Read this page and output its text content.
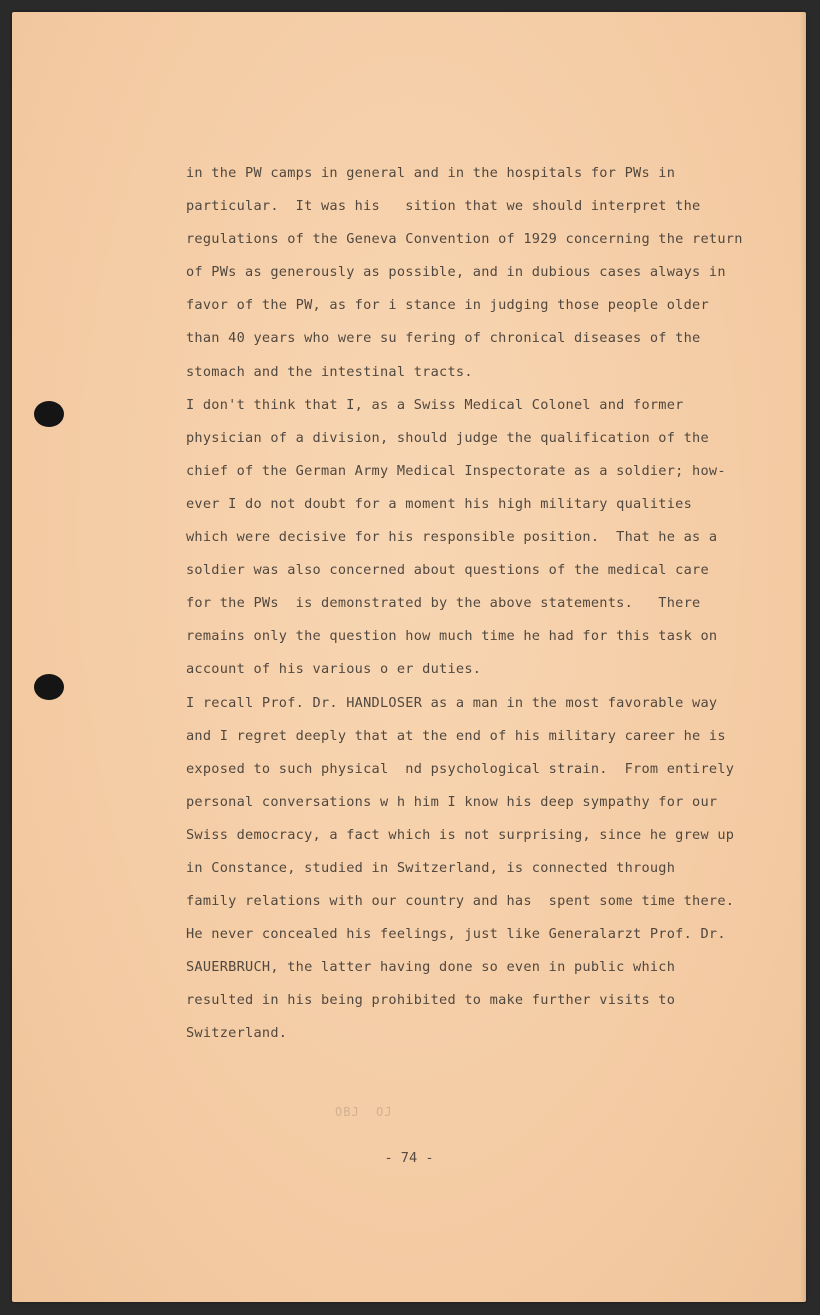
in the PW camps in general and in the hospitals for PWs in
particular.  It was his   sition that we should interpret the
regulations of the Geneva Convention of 1929 concerning the return
of PWs as generously as possible, and in dubious cases always in
favor of the PW, as for i stance in judging those people older
than 40 years who were su fering of chronical diseases of the
stomach and the intestinal tracts.
I don't think that I, as a Swiss Medical Colonel and former
physician of a division, should judge the qualification of the
chief of the German Army Medical Inspectorate as a soldier; how-
ever I do not doubt for a moment his high military qualities
which were decisive for his responsible position.  That he as a
soldier was also concerned about questions of the medical care
for the PWs  is demonstrated by the above statements.   There
remains only the question how much time he had for this task on
account of his various o er duties.
I recall Prof. Dr. HANDLOSER as a man in the most favorable way
and I regret deeply that at the end of his military career he is
exposed to such physical  nd psychological strain.  From entirely
personal conversations w h him I know his deep sympathy for our
Swiss democracy, a fact which is not surprising, since he grew up
in Constance, studied in Switzerland, is connected through
family relations with our country and has  spent some time there.
He never concealed his feelings, just like Generalarzt Prof. Dr.
SAUERBRUCH, the latter having done so even in public which
resulted in his being prohibited to make further visits to
Switzerland.
OBJ  OJ
- 74 -
